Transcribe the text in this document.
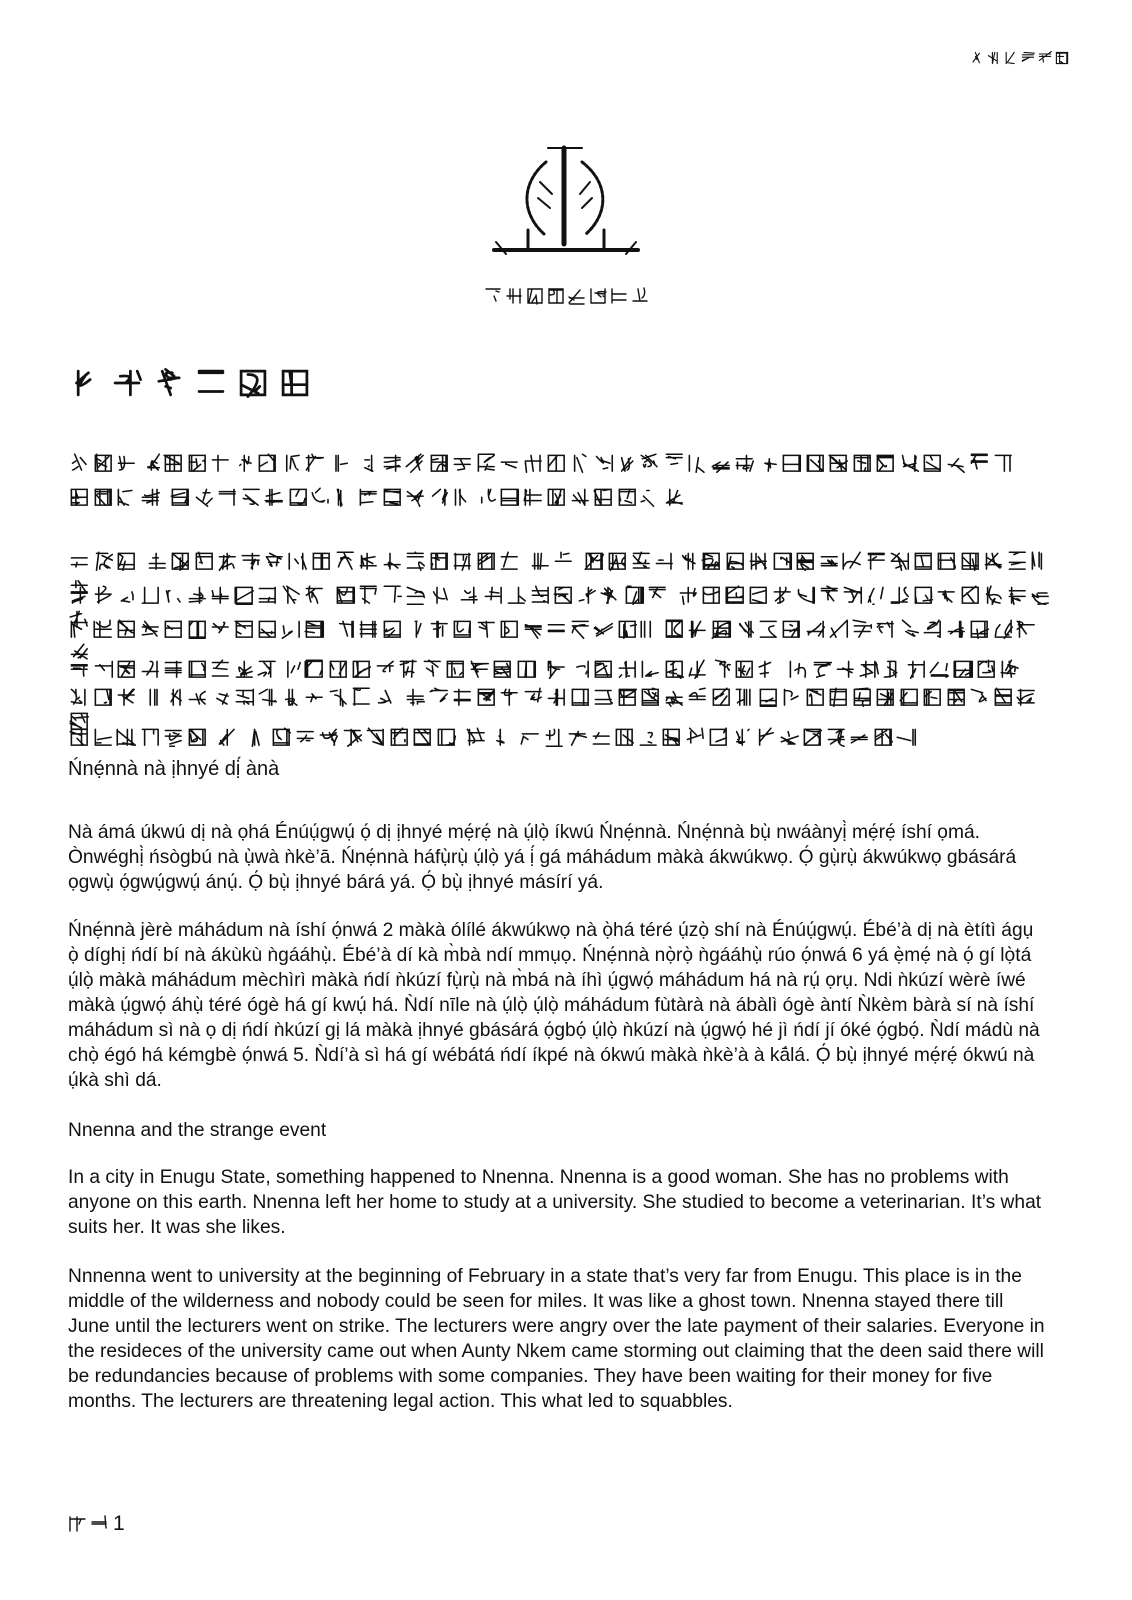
Ńnẹ́nnà nà ịhnyé dị́ ànà

Nà ámá úkwú dị nà ọhá Énúụ́gwụ́ ọ́ dị ịhnyé mẹ́rẹ́ nà ụ́lọ̀ íkwú Ńnẹ́nnà. Ńnẹ́nnà bụ̀ nwáànyị̀ mẹ́rẹ́ íshí ọmá. Ònwéghị̀ ńsògbú nà ụ̀wà ǹkè’ā. Ńnẹ́nnà háfụ̀rụ̀ ụ́lọ̀ yá ị́ gá máhádum màkà ákwúkwọ. Ọ́ gụ̀rụ̀ ákwúkwọ gbásárá ọgwụ̀ ọ́gwụ́gwụ́ ánụ́. Ọ́ bụ̀ ịhnyé bárá yá. Ọ́ bụ̀ ịhnyé másírí yá.

Ńnẹ́nnà jèrè máhádum nà íshí ọ́nwá 2 màkà ólílé ákwúkwọ nà ọ̀há téré ụ́zọ̀ shí nà Énúụ́gwụ́. Ébé’à dị nà ètítì ágụ ọ̀ díghị ńdí bí nà ákùkù ǹgááhụ̀. Ébé’à dí kà m̀bà ndí mmụọ. Ńnẹ́nnà nọ̀rọ̀ ǹgááhụ̀ rúo ọ́nwá 6 yá ẹ̀mẹ́ nà ọ́ gí lọ̀tá ụ́lọ̀ màkà máhádum mèchìrì màkà ńdí ǹkúzí fụ̀rụ̀ nà m̀bá nà íhì ụ́gwọ́ máhádum há nà rụ́ ọrụ. Ndi ǹkúzí wèrè íwé màkà ụ́gwọ́ áhụ̀ téré ógè há gí kwụ́ há. Ǹdí nīle nà ụ́lọ̀ ụ́lọ̀ máhádum fùtàrà nà ábàlì ógè àntí Ǹkèm bàrà sí nà íshí máhádum sì nà ọ dị ńdí ǹkúzí gị lá màkà ịhnyé gbásárá ọ́gbọ́ ụ́lọ̀ ǹkúzí nà ụ́gwọ́ hé jì ńdí jí óké ọ́gbọ́. Ǹdí mádù nà chọ̀ égó há kémgbè ọ́nwá 5. Ǹdí’à sì há gí wébátá ńdí íkpé nà ókwú màkà ǹkè’à à kā́lá. Ọ́ bụ̀ ịhnyé mẹ́rẹ́ ókwú nà ụ́kà shì dá.

Nnenna and the strange event

In a city in Enugu State, something happened to Nnenna. Nnenna is a good woman. She has no problems with anyone on this earth. Nnenna left her home to study at a university. She studied to become a veterinarian. It’s what suits her. It was she likes.

Nnnenna went to university at the beginning of February in a state that’s very far from Enugu. This place is in the middle of the wilderness and nobody could be seen for miles. It was like a ghost town. Nnenna stayed there till June until the lecturers went on strike. The lecturers were angry over the late payment of their salaries. Everyone in the resideces of the university came out when Aunty Nkem came storming out claiming that the deen said there will be redundancies because of problems with some companies. They have been waiting for their money for five months. The lecturers are threatening legal action. This what led to squabbles.

1
